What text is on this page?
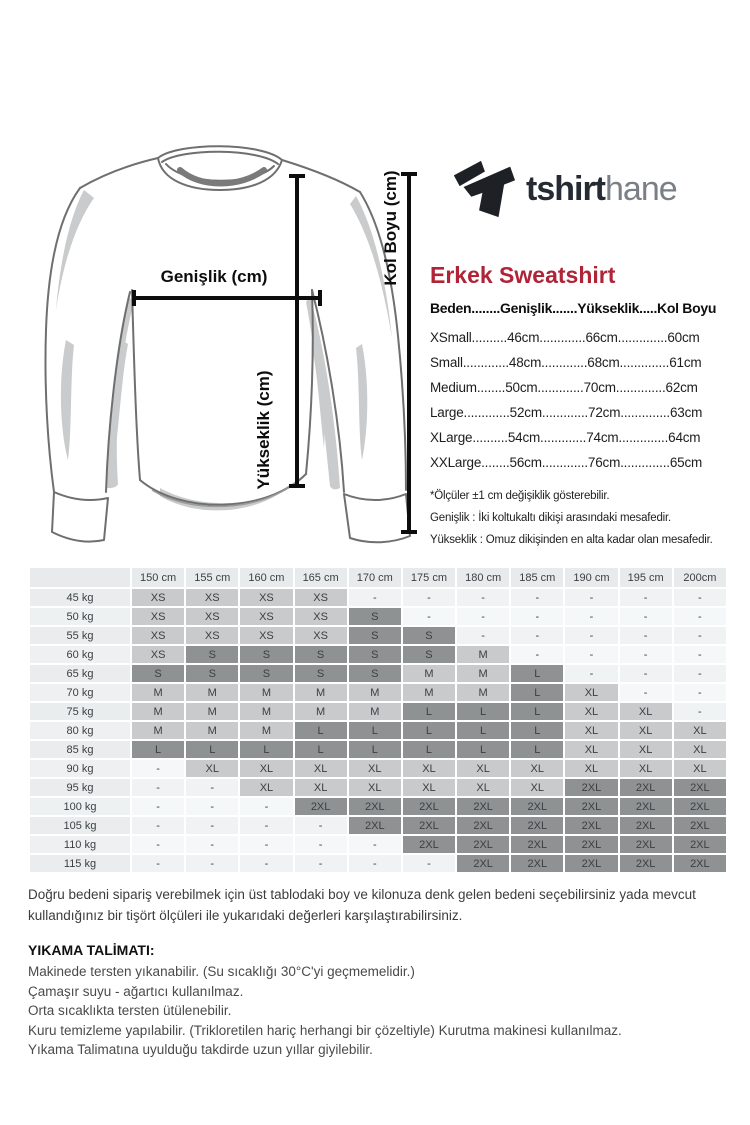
Genişlik (cm)
Yükseklik (cm)
Kol Boyu (cm)	tshirthane
Erkek Sweatshirt
Beden........Genişlik.......Yükseklik.....Kol Boyu
XSmall..........46cm.............66cm..............60cm
Small.............48cm.............68cm..............61cm
Medium........50cm.............70cm..............62cm
Large.............52cm.............72cm..............63cm
XLarge..........54cm.............74cm..............64cm
XXLarge........56cm.............76cm..............65cm
*Ölçüler ±1 cm değişiklik gösterebilir.
Genişlik : İki koltukaltı dikişi arasındaki mesafedir.
Yükseklik : Omuz dikişinden en alta kadar olan mesafedir.
	150 cm	155 cm	160 cm	165 cm	170 cm	175 cm	180 cm	185 cm	190 cm	195 cm	200cm
45 kg	XS	XS	XS	XS	-	-	-	-	-	-	-
50 kg	XS	XS	XS	XS	S	-	-	-	-	-	-
55 kg	XS	XS	XS	XS	S	S	-	-	-	-	-
60 kg	XS	S	S	S	S	S	M	-	-	-	-
65 kg	S	S	S	S	S	M	M	L	-	-	-
70 kg	M	M	M	M	M	M	M	L	XL	-	-
75 kg	M	M	M	M	M	L	L	L	XL	XL	-
80 kg	M	M	M	L	L	L	L	L	XL	XL	XL
85 kg	L	L	L	L	L	L	L	L	XL	XL	XL
90 kg	-	XL	XL	XL	XL	XL	XL	XL	XL	XL	XL
95 kg	-	-	XL	XL	XL	XL	XL	XL	2XL	2XL	2XL
100 kg	-	-	-	2XL	2XL	2XL	2XL	2XL	2XL	2XL	2XL
105 kg	-	-	-	-	2XL	2XL	2XL	2XL	2XL	2XL	2XL
110 kg	-	-	-	-	-	2XL	2XL	2XL	2XL	2XL	2XL
115 kg	-	-	-	-	-	-	2XL	2XL	2XL	2XL	2XL

Doğru bedeni sipariş verebilmek için üst tablodaki boy ve kilonuza denk gelen bedeni seçebilirsiniz yada mevcut kullandığınız bir tişört ölçüleri ile yukarıdaki değerleri karşılaştırabilirsiniz.

YIKAMA TALİMATI:
Makinede tersten yıkanabilir. (Su sıcaklığı 30°C'yi geçmemelidir.)
Çamaşır suyu - ağartıcı kullanılmaz.
Orta sıcaklıkta tersten ütülenebilir.
Kuru temizleme yapılabilir. (Trikloretilen hariç herhangi bir çözeltiyle) Kurutma makinesi kullanılmaz.
Yıkama Talimatına uyulduğu takdirde uzun yıllar giyilebilir.
